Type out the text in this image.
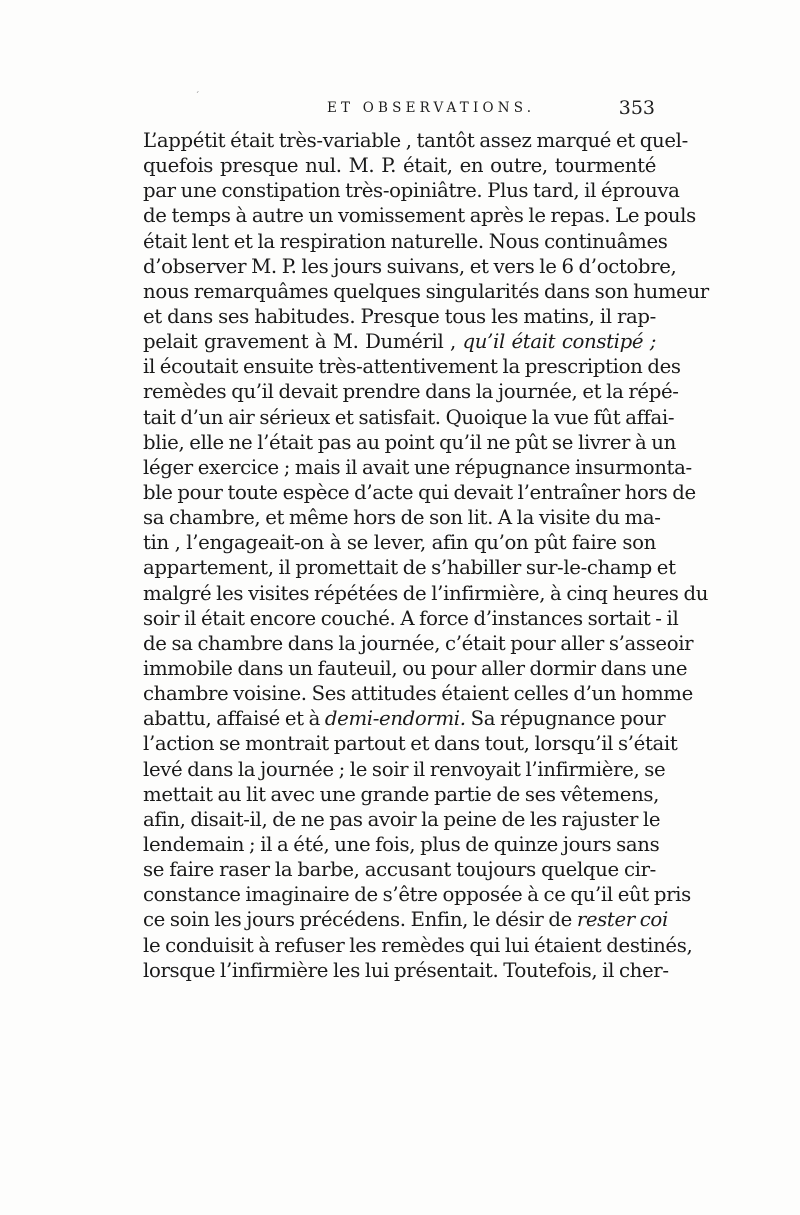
ET OBSERVATIONS.	353
ˊ
L’appétit était très-variable , tantôt assez marqué et quel-
quefois presque nul. M. P. était, en outre, tourmenté
par une constipation très-opiniâtre. Plus tard, il éprouva
de temps à autre un vomissement après le repas. Le pouls
était lent et la respiration naturelle. Nous continuâmes
d’observer M. P. les jours suivans, et vers le 6 d’octobre,
nous remarquâmes quelques singularités dans son humeur
et dans ses habitudes. Presque tous les matins, il rap-
pelait gravement à M. Duméril , qu’il était constipé ;
il écoutait ensuite très-attentivement la prescription des
remèdes qu’il devait prendre dans la journée, et la répé-
tait d’un air sérieux et satisfait. Quoique la vue fût affai-
blie, elle ne l’était pas au point qu’il ne pût se livrer à un
léger exercice ; mais il avait une répugnance insurmonta-
ble pour toute espèce d’acte qui devait l’entraîner hors de
sa chambre, et même hors de son lit. A la visite du ma-
tin , l’engageait-on à se lever, afin qu’on pût faire son
appartement, il promettait de s’habiller sur-le-champ et
malgré les visites répétées de l’infirmière, à cinq heures du
soir il était encore couché. A force d’instances sortait - il
de sa chambre dans la journée, c’était pour aller s’asseoir
immobile dans un fauteuil, ou pour aller dormir dans une
chambre voisine. Ses attitudes étaient celles d’un homme
abattu, affaisé et à demi-endormi. Sa répugnance pour
l’action se montrait partout et dans tout, lorsqu’il s’était
levé dans la journée ; le soir il renvoyait l’infirmière, se
mettait au lit avec une grande partie de ses vêtemens,
afin, disait-il, de ne pas avoir la peine de les rajuster le
lendemain ; il a été, une fois, plus de quinze jours sans
se faire raser la barbe, accusant toujours quelque cir-
constance imaginaire de s’être opposée à ce qu’il eût pris
ce soin les jours précédens. Enfin, le désir de rester coi
le conduisit à refuser les remèdes qui lui étaient destinés,
lorsque l’infirmière les lui présentait. Toutefois, il cher-
